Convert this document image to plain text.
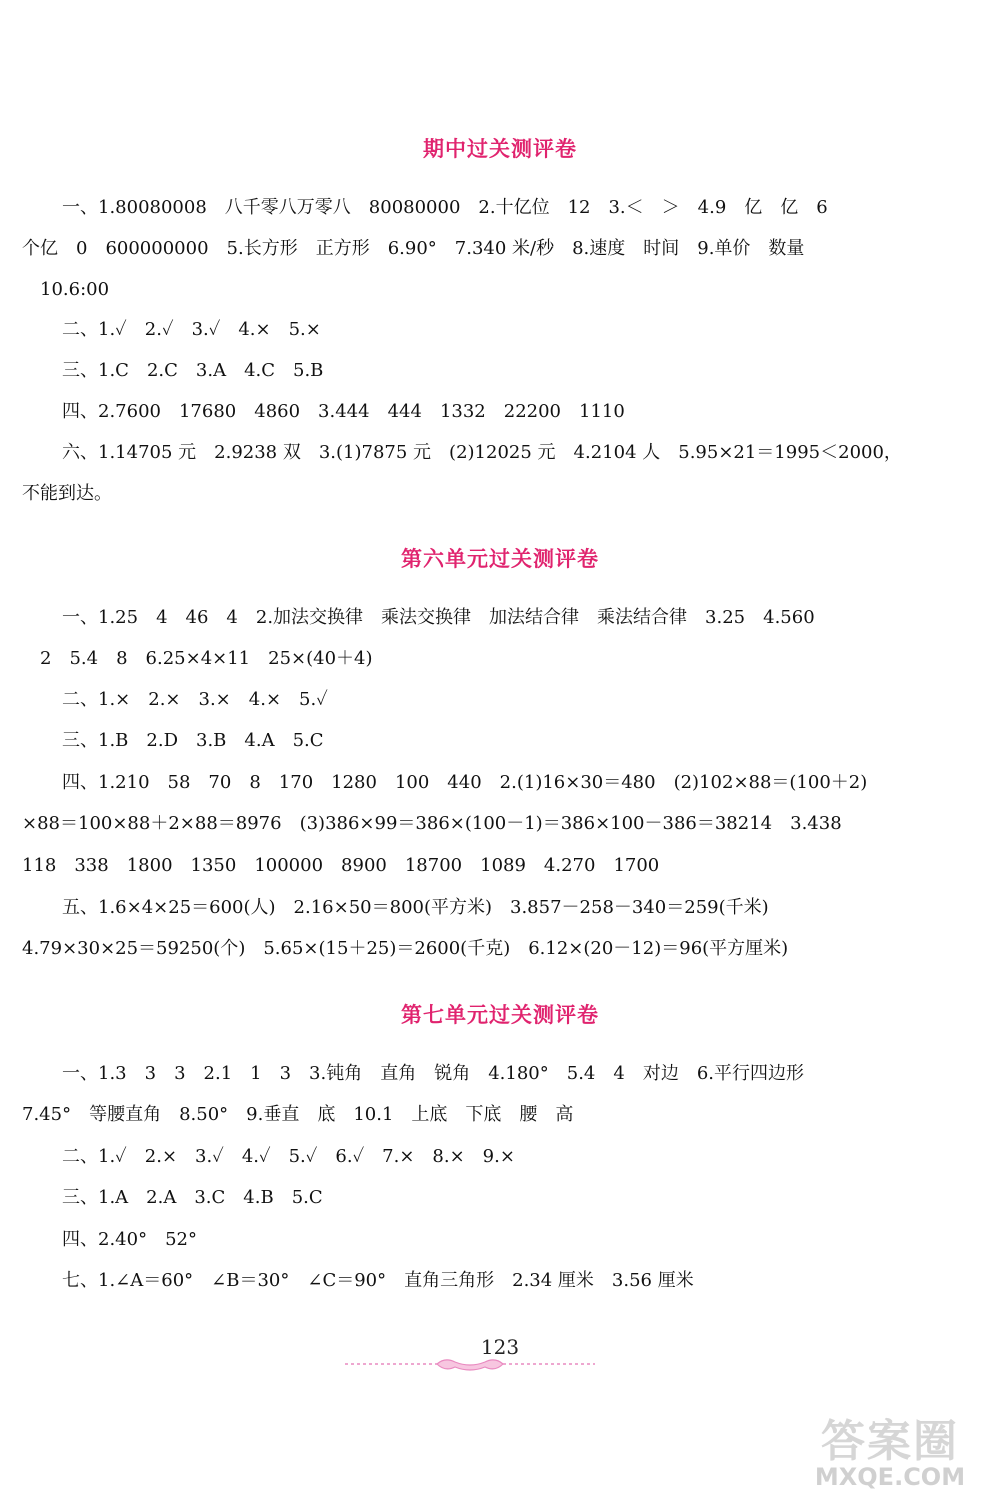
期中过关测评卷
一、1.80080008　八千零八万零八　80080000　2.十亿位　12　3.＜　＞　4.9　亿　亿　6
个亿　0　600000000　5.长方形　正方形　6.90°　7.340 米/秒　8.速度　时间　9.单价　数量
10.6:00
二、1.✓　2.✓　3.✓　4.×　5.×
三、1.C　2.C　3.A　4.C　5.B
四、2.7600　17680　4860　3.444　444　1332　22200　1110
六、1.14705 元　2.9238 双　3.(1)7875 元　(2)12025 元　4.2104 人　5.95×21＝1995＜2000，
不能到达。
第六单元过关测评卷
一、1.25　4　46　4　2.加法交换律　乘法交换律　加法结合律　乘法结合律　3.25　4.560
2　5.4　8　6.25×4×11　25×(40＋4)
二、1.×　2.×　3.×　4.×　5.✓
三、1.B　2.D　3.B　4.A　5.C
四、1.210　58　70　8　170　1280　100　440　2.(1)16×30＝480　(2)102×88＝(100＋2)
×88＝100×88＋2×88＝8976　(3)386×99＝386×(100－1)＝386×100－386＝38214　3.438
118　338　1800　1350　100000　8900　18700　1089　4.270　1700
五、1.6×4×25＝600(人)　2.16×50＝800(平方米)　3.857－258－340＝259(千米)
4.79×30×25＝59250(个)　5.65×(15＋25)＝2600(千克)　6.12×(20－12)＝96(平方厘米)
第七单元过关测评卷
一、1.3　3　3　2.1　1　3　3.钝角　直角　锐角　4.180°　5.4　4　对边　6.平行四边形
7.45°　等腰直角　8.50°　9.垂直　底　10.1　上底　下底　腰　高
二、1.✓　2.×　3.✓　4.✓　5.✓　6.✓　7.×　8.×　9.×
三、1.A　2.A　3.C　4.B　5.C
四、2.40°　52°
七、1.∠A＝60°　∠B＝30°　∠C＝90°　直角三角形　2.34 厘米　3.56 厘米
123
答案圈
MXQE.COM
